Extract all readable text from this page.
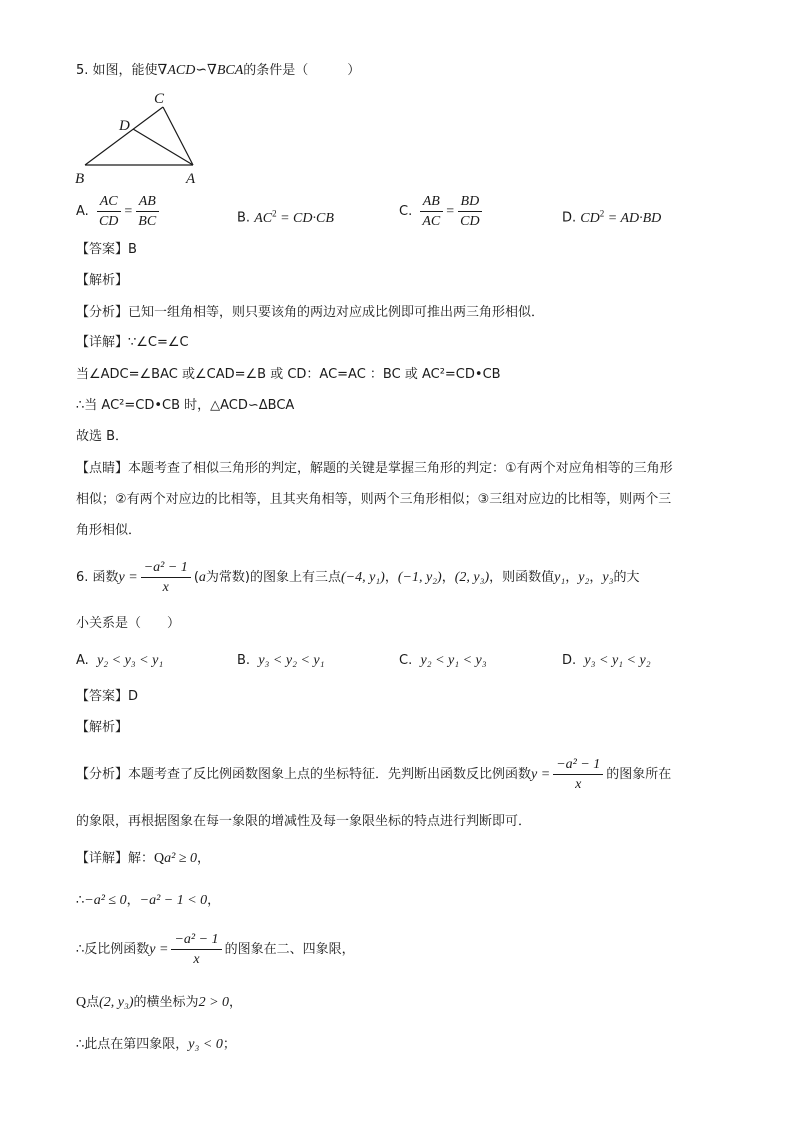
5. 如图，能使∇ACD∽∇BCA的条件是（　　　）
C
D
B	A
A. $\frac{AC}{CD} = \frac{AB}{BC}$	B. $AC^2 = CD\cdot CB$	C. $\frac{AB}{AC} = \frac{BD}{CD}$	D. $CD^2 = AD\cdot BD$
【答案】B
【解析】
【分析】已知一组角相等，则只要该角的两边对应成比例即可推出两三角形相似．
【详解】∵∠C=∠C
当∠ADC=∠BAC 或∠CAD=∠B 或 CD：AC=AC ：BC 或 AC²=CD•CB
∴当 AC²=CD•CB 时，△ACD∽ΔBCA
故选 B．
【点睛】本题考查了相似三角形的判定，解题的关键是掌握三角形的判定：①有两个对应角相等的三角形
相似；②有两个对应边的比相等，且其夹角相等，则两个三角形相似；③三组对应边的比相等，则两个三
角形相似．
6. 函数$y = \frac{\text{−a² − 1}}{x} (a$为常数)的图象上有三点(−4, y₁)，(−1, y₂)，(2, y₃)，则函数值y₁，y₂，y₃的大
小关系是（　　）
A. y₂ < y₃ < y₁	B. y₃ < y₂ < y₁	C. y₂ < y₁ < y₃	D. y₃ < y₁ < y₂
【答案】D
【解析】
【分析】本题考查了反比例函数图象上点的坐标特征．先判断出函数反比例函数$y = \frac{\text{−a² − 1}}{x}$ 的图象所在
的象限，再根据图象在每一象限的增减性及每一象限坐标的特点进行判断即可．
【详解】解：Qa² ≥ 0，
∴−a² ≤ 0，−a² − 1 < 0，
∴反比例函数$y = \frac{\text{−a² − 1}}{x}$ 的图象在二、四象限，
Q点(2, y₃)的横坐标为2 > 0，
∴此点在第四象限，y₃ < 0；
